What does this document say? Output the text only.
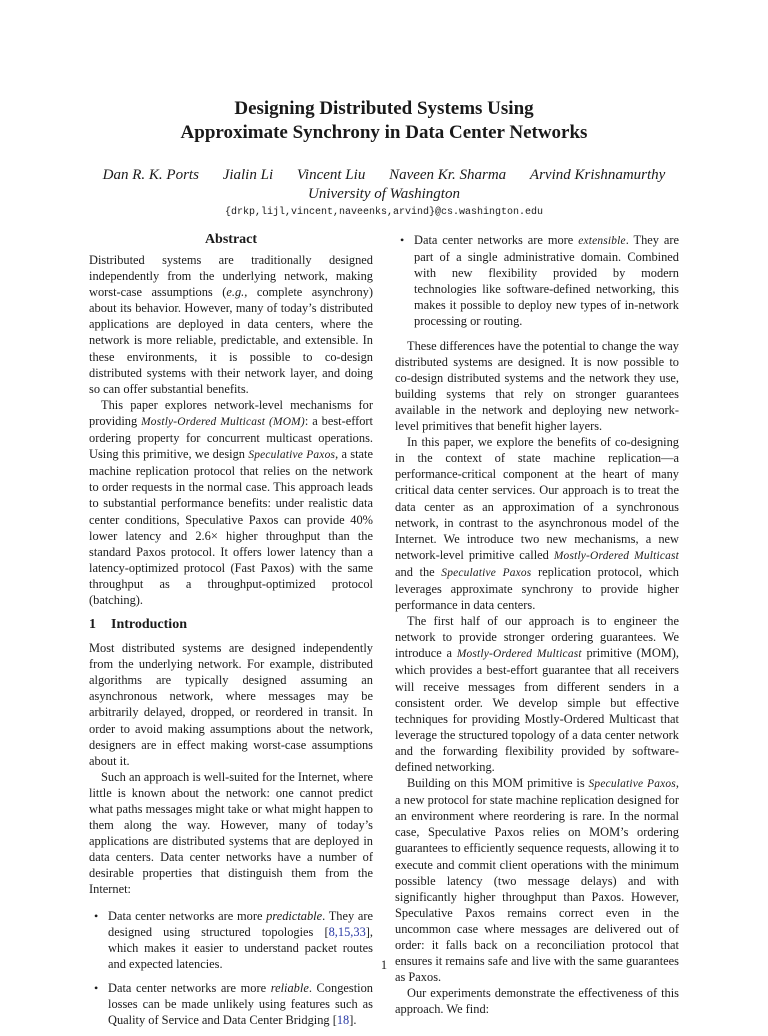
Designing Distributed Systems Using
Approximate Synchrony in Data Center Networks
Dan R. K. Ports Jialin Li Vincent Liu Naveen Kr. Sharma Arvind Krishnamurthy
University of Washington
{drkp,lijl,vincent,naveenks,arvind}@cs.washington.edu
Abstract

Distributed systems are traditionally designed independently from the underlying network, making worst-case assumptions (e.g., complete asynchrony) about its behavior. However, many of today’s distributed applications are deployed in data centers, where the network is more reliable, predictable, and extensible. In these environments, it is possible to co-design distributed systems with their network layer, and doing so can offer substantial benefits.

This paper explores network-level mechanisms for providing Mostly-Ordered Multicast (MOM): a best-effort ordering property for concurrent multicast operations. Using this primitive, we design Speculative Paxos, a state machine replication protocol that relies on the network to order requests in the normal case. This approach leads to substantial performance benefits: under realistic data center conditions, Speculative Paxos can provide 40% lower latency and 2.6× higher throughput than the standard Paxos protocol. It offers lower latency than a latency-optimized protocol (Fast Paxos) with the same throughput as a throughput-optimized protocol (batching).

1 Introduction

Most distributed systems are designed independently from the underlying network. For example, distributed algorithms are typically designed assuming an asynchronous network, where messages may be arbitrarily delayed, dropped, or reordered in transit. In order to avoid making assumptions about the network, designers are in effect making worst-case assumptions about it.

Such an approach is well-suited for the Internet, where little is known about the network: one cannot predict what paths messages might take or what might happen to them along the way. However, many of today’s applications are distributed systems that are deployed in data centers. Data center networks have a number of desirable properties that distinguish them from the Internet:

• Data center networks are more predictable. They are designed using structured topologies [8,15,33], which makes it easier to understand packet routes and expected latencies.
• Data center networks are more reliable. Congestion losses can be made unlikely using features such as Quality of Service and Data Center Bridging [18].
• Data center networks are more extensible. They are part of a single administrative domain. Combined with new flexibility provided by modern technologies like software-defined networking, this makes it possible to deploy new types of in-network processing or routing.

These differences have the potential to change the way distributed systems are designed. It is now possible to co-design distributed systems and the network they use, building systems that rely on stronger guarantees available in the network and deploying new network-level primitives that benefit higher layers.

In this paper, we explore the benefits of co-designing in the context of state machine replication—a performance-critical component at the heart of many critical data center services. Our approach is to treat the data center as an approximation of a synchronous network, in contrast to the asynchronous model of the Internet. We introduce two new mechanisms, a new network-level primitive called Mostly-Ordered Multicast and the Speculative Paxos replication protocol, which leverages approximate synchrony to provide higher performance in data centers.

The first half of our approach is to engineer the network to provide stronger ordering guarantees. We introduce a Mostly-Ordered Multicast primitive (MOM), which provides a best-effort guarantee that all receivers will receive messages from different senders in a consistent order. We develop simple but effective techniques for providing Mostly-Ordered Multicast that leverage the structured topology of a data center network and the forwarding flexibility provided by software-defined networking.

Building on this MOM primitive is Speculative Paxos, a new protocol for state machine replication designed for an environment where reordering is rare. In the normal case, Speculative Paxos relies on MOM’s ordering guarantees to efficiently sequence requests, allowing it to execute and commit client operations with the minimum possible latency (two message delays) and with significantly higher throughput than Paxos. However, Speculative Paxos remains correct even in the uncommon case where messages are delivered out of order: it falls back on a reconciliation protocol that ensures it remains safe and live with the same guarantees as Paxos.

Our experiments demonstrate the effectiveness of this approach. We find:

1
